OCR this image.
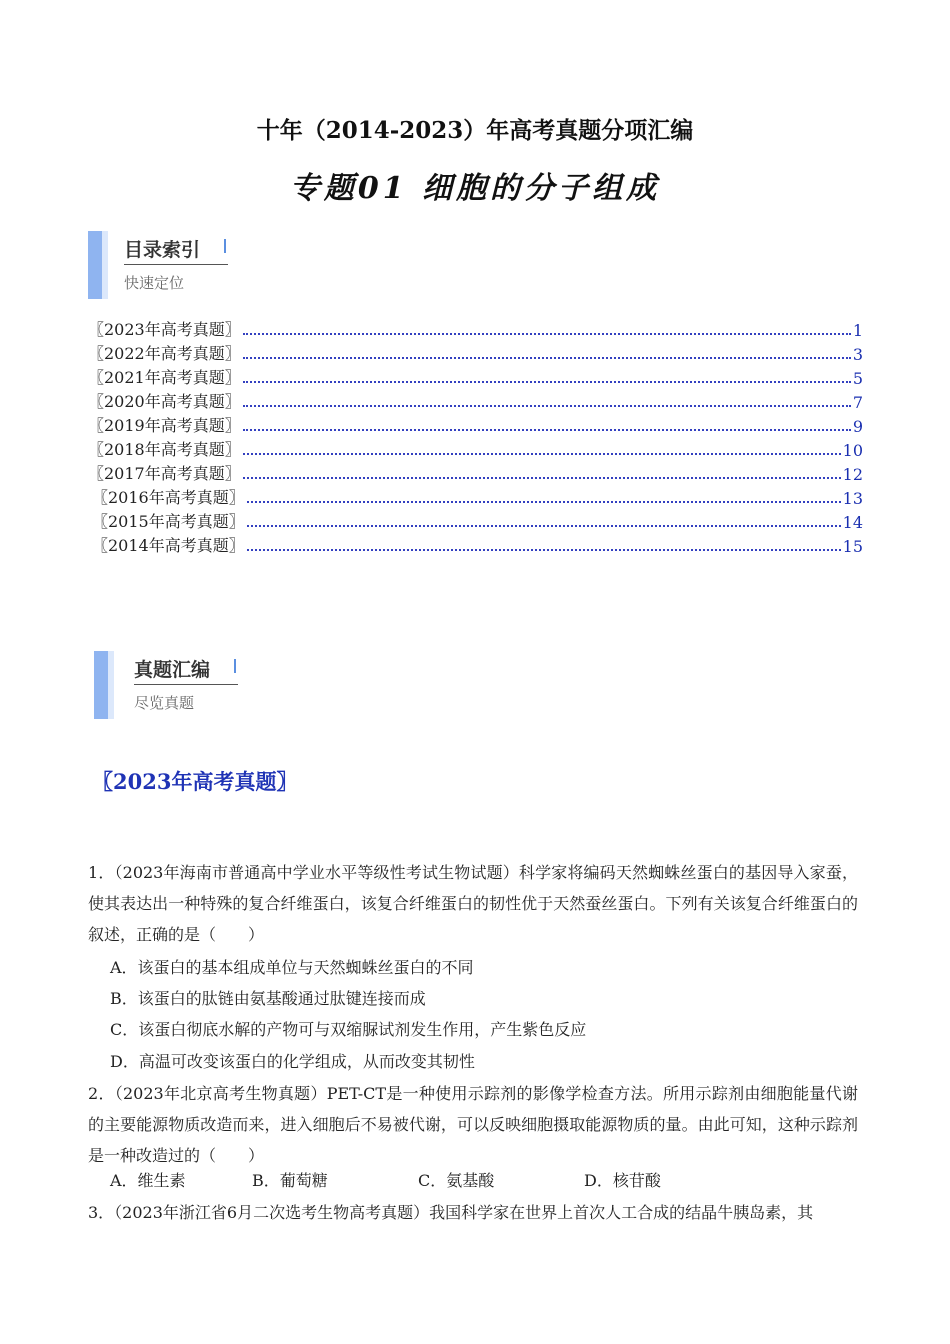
十年（2014-2023）年高考真题分项汇编
专题01 细胞的分子组成
目录索引
快速定位
〖2023年高考真题〗	1
〖2022年高考真题〗	3
〖2021年高考真题〗	5
〖2020年高考真题〗	7
〖2019年高考真题〗	9
〖2018年高考真题〗	10
〖2017年高考真题〗	12
〖2016年高考真题〗	13
〖2015年高考真题〗	14
〖2014年高考真题〗	15
真题汇编
尽览真题
〖2023年高考真题〗
1．（2023年海南市普通高中学业水平等级性考试生物试题）科学家将编码天然蜘蛛丝蛋白的基因导入家蚕，使其表达出一种特殊的复合纤维蛋白，该复合纤维蛋白的韧性优于天然蚕丝蛋白。下列有关该复合纤维蛋白的叙述，正确的是（　　）
A．该蛋白的基本组成单位与天然蜘蛛丝蛋白的不同
B．该蛋白的肽链由氨基酸通过肽键连接而成
C．该蛋白彻底水解的产物可与双缩脲试剂发生作用，产生紫色反应
D．高温可改变该蛋白的化学组成，从而改变其韧性
2．（2023年北京高考生物真题）PET-CT是一种使用示踪剂的影像学检查方法。所用示踪剂由细胞能量代谢的主要能源物质改造而来，进入细胞后不易被代谢，可以反映细胞摄取能源物质的量。由此可知，这种示踪剂是一种改造过的（　　）
A．维生素	B．葡萄糖	C．氨基酸	D．核苷酸
3．（2023年浙江省6月二次选考生物高考真题）我国科学家在世界上首次人工合成的结晶牛胰岛素，其
